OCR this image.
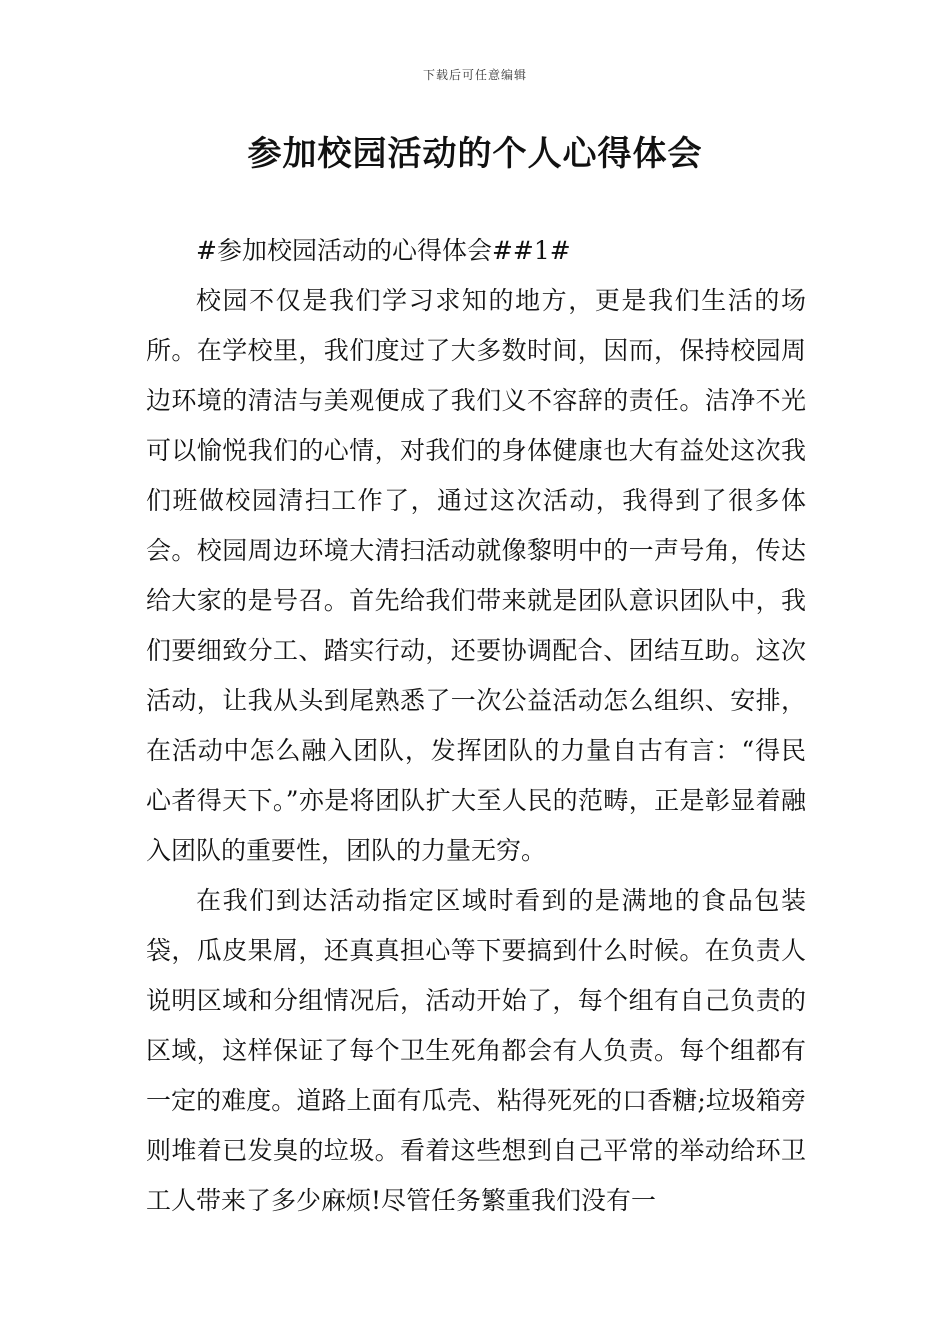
下载后可任意编辑
参加校园活动的个人心得体会

#参加校园活动的心得体会##1#

校园不仅是我们学习求知的地方，更是我们生活的场所。在学校里，我们度过了大多数时间，因而，保持校园周边环境的清洁与美观便成了我们义不容辞的责任。洁净不光可以愉悦我们的心情，对我们的身体健康也大有益处这次我们班做校园清扫工作了，通过这次活动，我得到了很多体会。校园周边环境大清扫活动就像黎明中的一声号角，传达给大家的是号召。首先给我们带来就是团队意识团队中，我们要细致分工、踏实行动，还要协调配合、团结互助。这次活动，让我从头到尾熟悉了一次公益活动怎么组织、安排，在活动中怎么融入团队，发挥团队的力量自古有言：“得民心者得天下。”亦是将团队扩大至人民的范畴，正是彰显着融入团队的重要性，团队的力量无穷。

在我们到达活动指定区域时看到的是满地的食品包装袋，瓜皮果屑，还真真担心等下要搞到什么时候。在负责人说明区域和分组情况后，活动开始了，每个组有自己负责的区域，这样保证了每个卫生死角都会有人负责。每个组都有一定的难度。道路上面有瓜壳、粘得死死的口香糖;垃圾箱旁则堆着已发臭的垃圾。看着这些想到自己平常的举动给环卫工人带来了多少麻烦!尽管任务繁重我们没有一
